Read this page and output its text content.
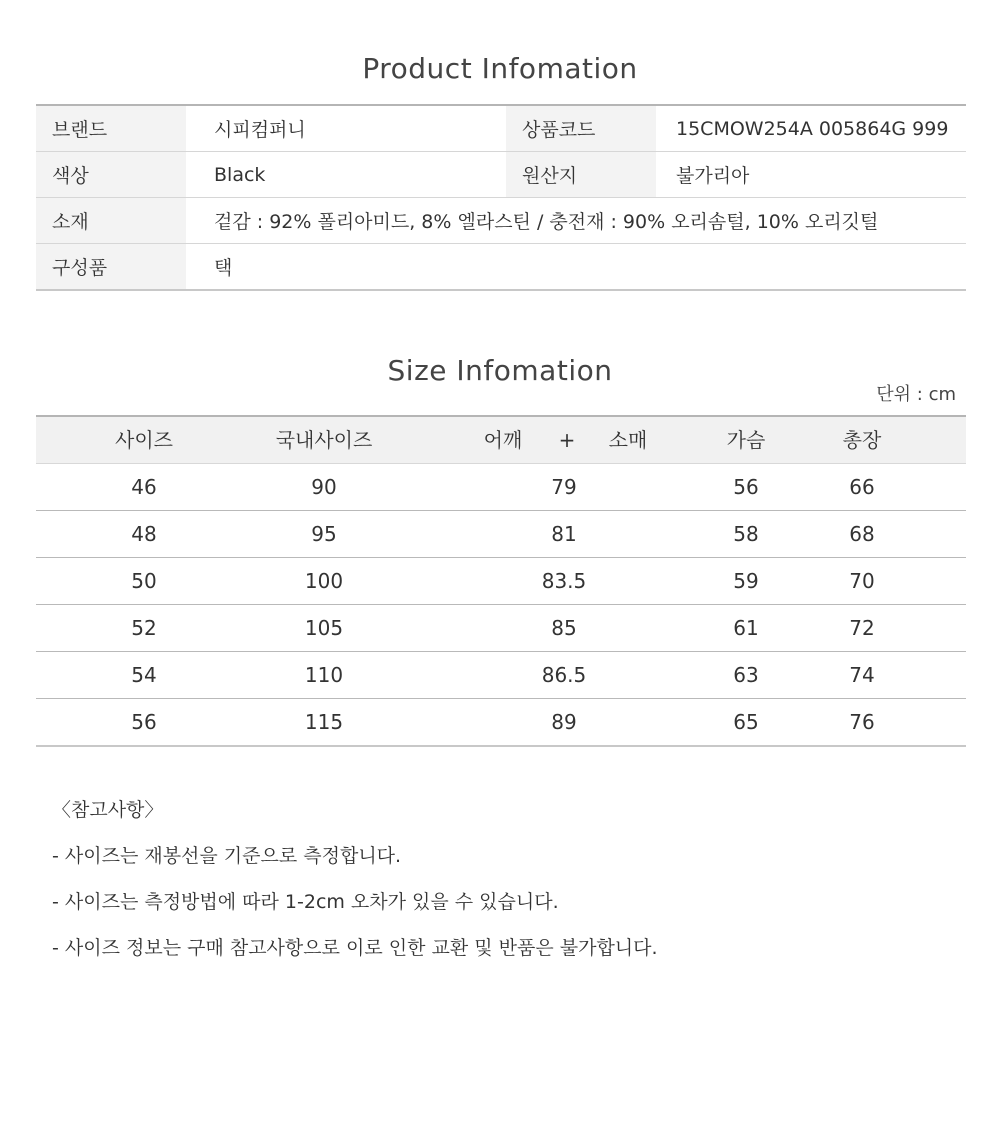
Product Infomation
브랜드	시피컴퍼니	상품코드	15CMOW254A 005864G 999
색상	Black	원산지	불가리아
소재	겉감 : 92% 폴리아미드, 8% 엘라스틴 / 충전재 : 90% 오리솜털, 10% 오리깃털
구성품	택
Size Infomation
단위 : cm
사이즈	국내사이즈	어깨 + 소매	가슴	총장
46	90	79	56	66
48	95	81	58	68
50	100	83.5	59	70
52	105	85	61	72
54	110	86.5	63	74
56	115	89	65	76
〈참고사항〉
- 사이즈는 재봉선을 기준으로 측정합니다.
- 사이즈는 측정방법에 따라 1-2cm 오차가 있을 수 있습니다.
- 사이즈 정보는 구매 참고사항으로 이로 인한 교환 및 반품은 불가합니다.
